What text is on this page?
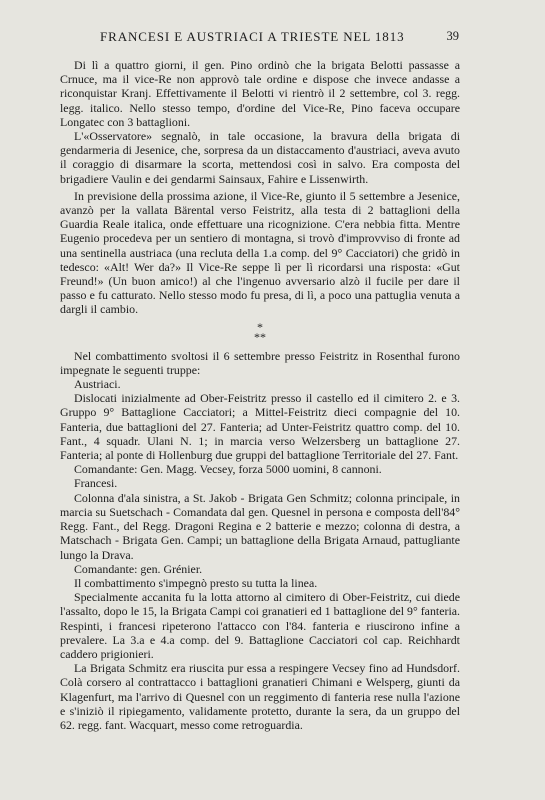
FRANCESI E AUSTRIACI A TRIESTE NEL 1813	39

Di lì a quattro giorni, il gen. Pino ordinò che la brigata Belotti passasse a Crnuce, ma il vice-Re non approvò tale ordine e dispose che invece andasse a riconquistar Kranj. Effettivamente il Belotti vi rientrò il 2 settembre, col 3. regg. legg. italico. Nello stesso tempo, d'ordine del Vice-Re, Pino faceva occupare Longatec con 3 battaglioni.

L'«Osservatore» segnalò, in tale occasione, la bravura della brigata di gendarmeria di Jesenice, che, sorpresa da un distaccamento d'austriaci, aveva avuto il coraggio di disarmare la scorta, mettendosi così in salvo. Era composta del brigadiere Vaulin e dei gendarmi Sainsaux, Fahire e Lissenwirth.

In previsione della prossima azione, il Vice-Re, giunto il 5 settembre a Jesenice, avanzò per la vallata Bärental verso Feistritz, alla testa di 2 battaglioni della Guardia Reale italica, onde effettuare una ricognizione. C'era nebbia fitta. Mentre Eugenio procedeva per un sentiero di montagna, si trovò d'improvviso di fronte ad una sentinella austriaca (una recluta della 1.a comp. del 9° Cacciatori) che gridò in tedesco: «Alt! Wer da?» Il Vice-Re seppe lì per lì ricordarsi una risposta: «Gut Freund!» (Un buon amico!) al che l'ingenuo avversario alzò il fucile per dare il passo e fu catturato. Nello stesso modo fu presa, di lì, a poco una pattuglia venuta a dargli il cambio.

*
**

Nel combattimento svoltosi il 6 settembre presso Feistritz in Rosenthal furono impegnate le seguenti truppe:

Austriaci.

Dislocati inizialmente ad Ober-Feistritz presso il castello ed il cimitero 2. e 3. Gruppo 9° Battaglione Cacciatori; a Mittel-Feistritz dieci compagnie del 10. Fanteria, due battaglioni del 27. Fanteria; ad Unter-Feistritz quattro comp. del 10. Fant., 4 squadr. Ulani N. 1; in marcia verso Welzersberg un battaglione 27. Fanteria; al ponte di Hollenburg due gruppi del battaglione Territoriale del 27. Fant.

Comandante: Gen. Magg. Vecsey, forza 5000 uomini, 8 cannoni.

Francesi.

Colonna d'ala sinistra, a St. Jakob - Brigata Gen Schmitz; colonna principale, in marcia su Suetschach - Comandata dal gen. Quesnel in persona e composta dell'84° Regg. Fant., del Regg. Dragoni Regina e 2 batterie e mezzo; colonna di destra, a Matschach - Brigata Gen. Campi; un battaglione della Brigata Arnaud, pattugliante lungo la Drava.

Comandante: gen. Grénier.

Il combattimento s'impegnò presto su tutta la linea.

Specialmente accanita fu la lotta attorno al cimitero di Ober-Feistritz, cui diede l'assalto, dopo le 15, la Brigata Campi coi granatieri ed 1 battaglione del 9° fanteria. Respinti, i francesi ripeterono l'attacco con l'84. fanteria e riuscirono infine a prevalere. La 3.a e 4.a comp. del 9. Battaglione Cacciatori col cap. Reichhardt caddero prigionieri.

La Brigata Schmitz era riuscita pur essa a respingere Vecsey fino ad Hundsdorf. Colà corsero al contrattacco i battaglioni granatieri Chimani e Welsperg, giunti da Klagenfurt, ma l'arrivo di Quesnel con un reggimento di fanteria rese nulla l'azione e s'iniziò il ripiegamento, validamente protetto, durante la sera, da un gruppo del 62. regg. fant. Wacquart, messo come retroguardia.
